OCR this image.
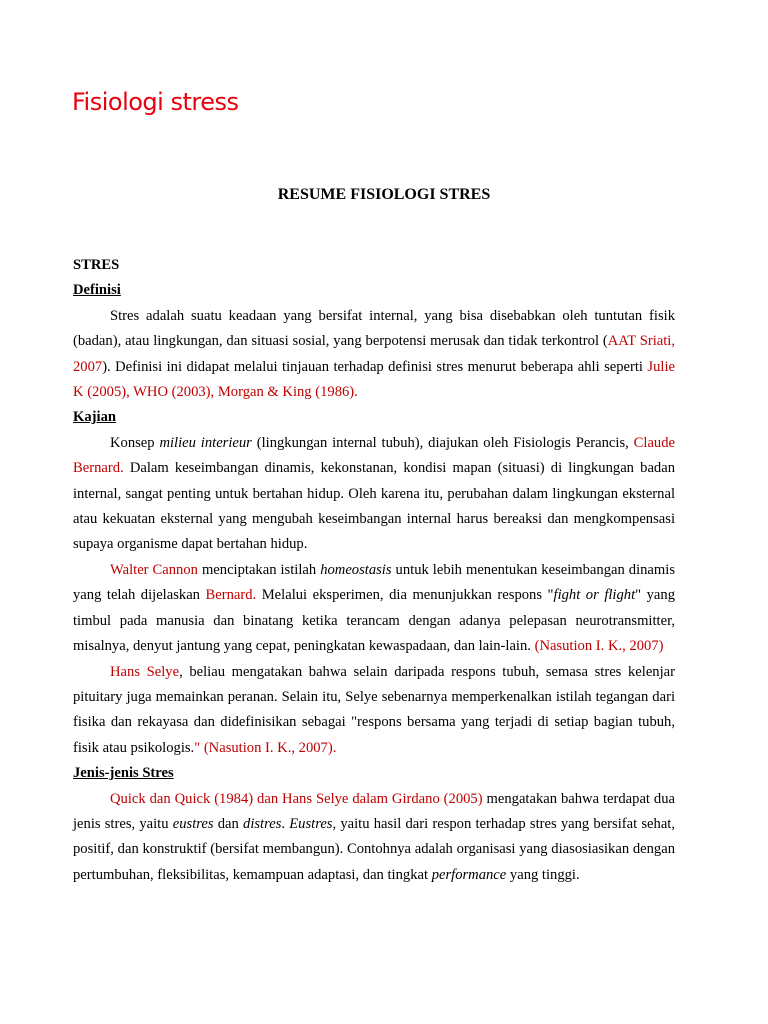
Fisiologi stress
RESUME FISIOLOGI STRES

STRES

Definisi

Stres adalah suatu keadaan yang bersifat internal, yang bisa disebabkan oleh tuntutan fisik (badan), atau lingkungan, dan situasi sosial, yang berpotensi merusak dan tidak terkontrol (AAT Sriati, 2007). Definisi ini didapat melalui tinjauan terhadap definisi stres menurut beberapa ahli seperti Julie K (2005), WHO (2003), Morgan & King (1986).

Kajian

Konsep milieu interieur (lingkungan internal tubuh), diajukan oleh Fisiologis Perancis, Claude Bernard. Dalam keseimbangan dinamis, kekonstanan, kondisi mapan (situasi) di lingkungan badan internal, sangat penting untuk bertahan hidup. Oleh karena itu, perubahan dalam lingkungan eksternal atau kekuatan eksternal yang mengubah keseimbangan internal harus bereaksi dan mengkompensasi supaya organisme dapat bertahan hidup.

Walter Cannon menciptakan istilah homeostasis untuk lebih menentukan keseimbangan dinamis yang telah dijelaskan Bernard. Melalui eksperimen, dia menunjukkan respons "fight or flight" yang timbul pada manusia dan binatang ketika terancam dengan adanya pelepasan neurotransmitter, misalnya, denyut jantung yang cepat, peningkatan kewaspadaan, dan lain-lain. (Nasution I. K., 2007)

Hans Selye, beliau mengatakan bahwa selain daripada respons tubuh, semasa stres kelenjar pituitary juga memainkan peranan. Selain itu, Selye sebenarnya memperkenalkan istilah tegangan dari fisika dan rekayasa dan didefinisikan sebagai "respons bersama yang terjadi di setiap bagian tubuh, fisik atau psikologis." (Nasution I. K., 2007).

Jenis-jenis Stres

Quick dan Quick (1984) dan Hans Selye dalam Girdano (2005) mengatakan bahwa terdapat dua jenis stres, yaitu eustres dan distres. Eustres, yaitu hasil dari respon terhadap stres yang bersifat sehat, positif, dan konstruktif (bersifat membangun). Contohnya adalah organisasi yang diasosiasikan dengan pertumbuhan, fleksibilitas, kemampuan adaptasi, dan tingkat performance yang tinggi.
